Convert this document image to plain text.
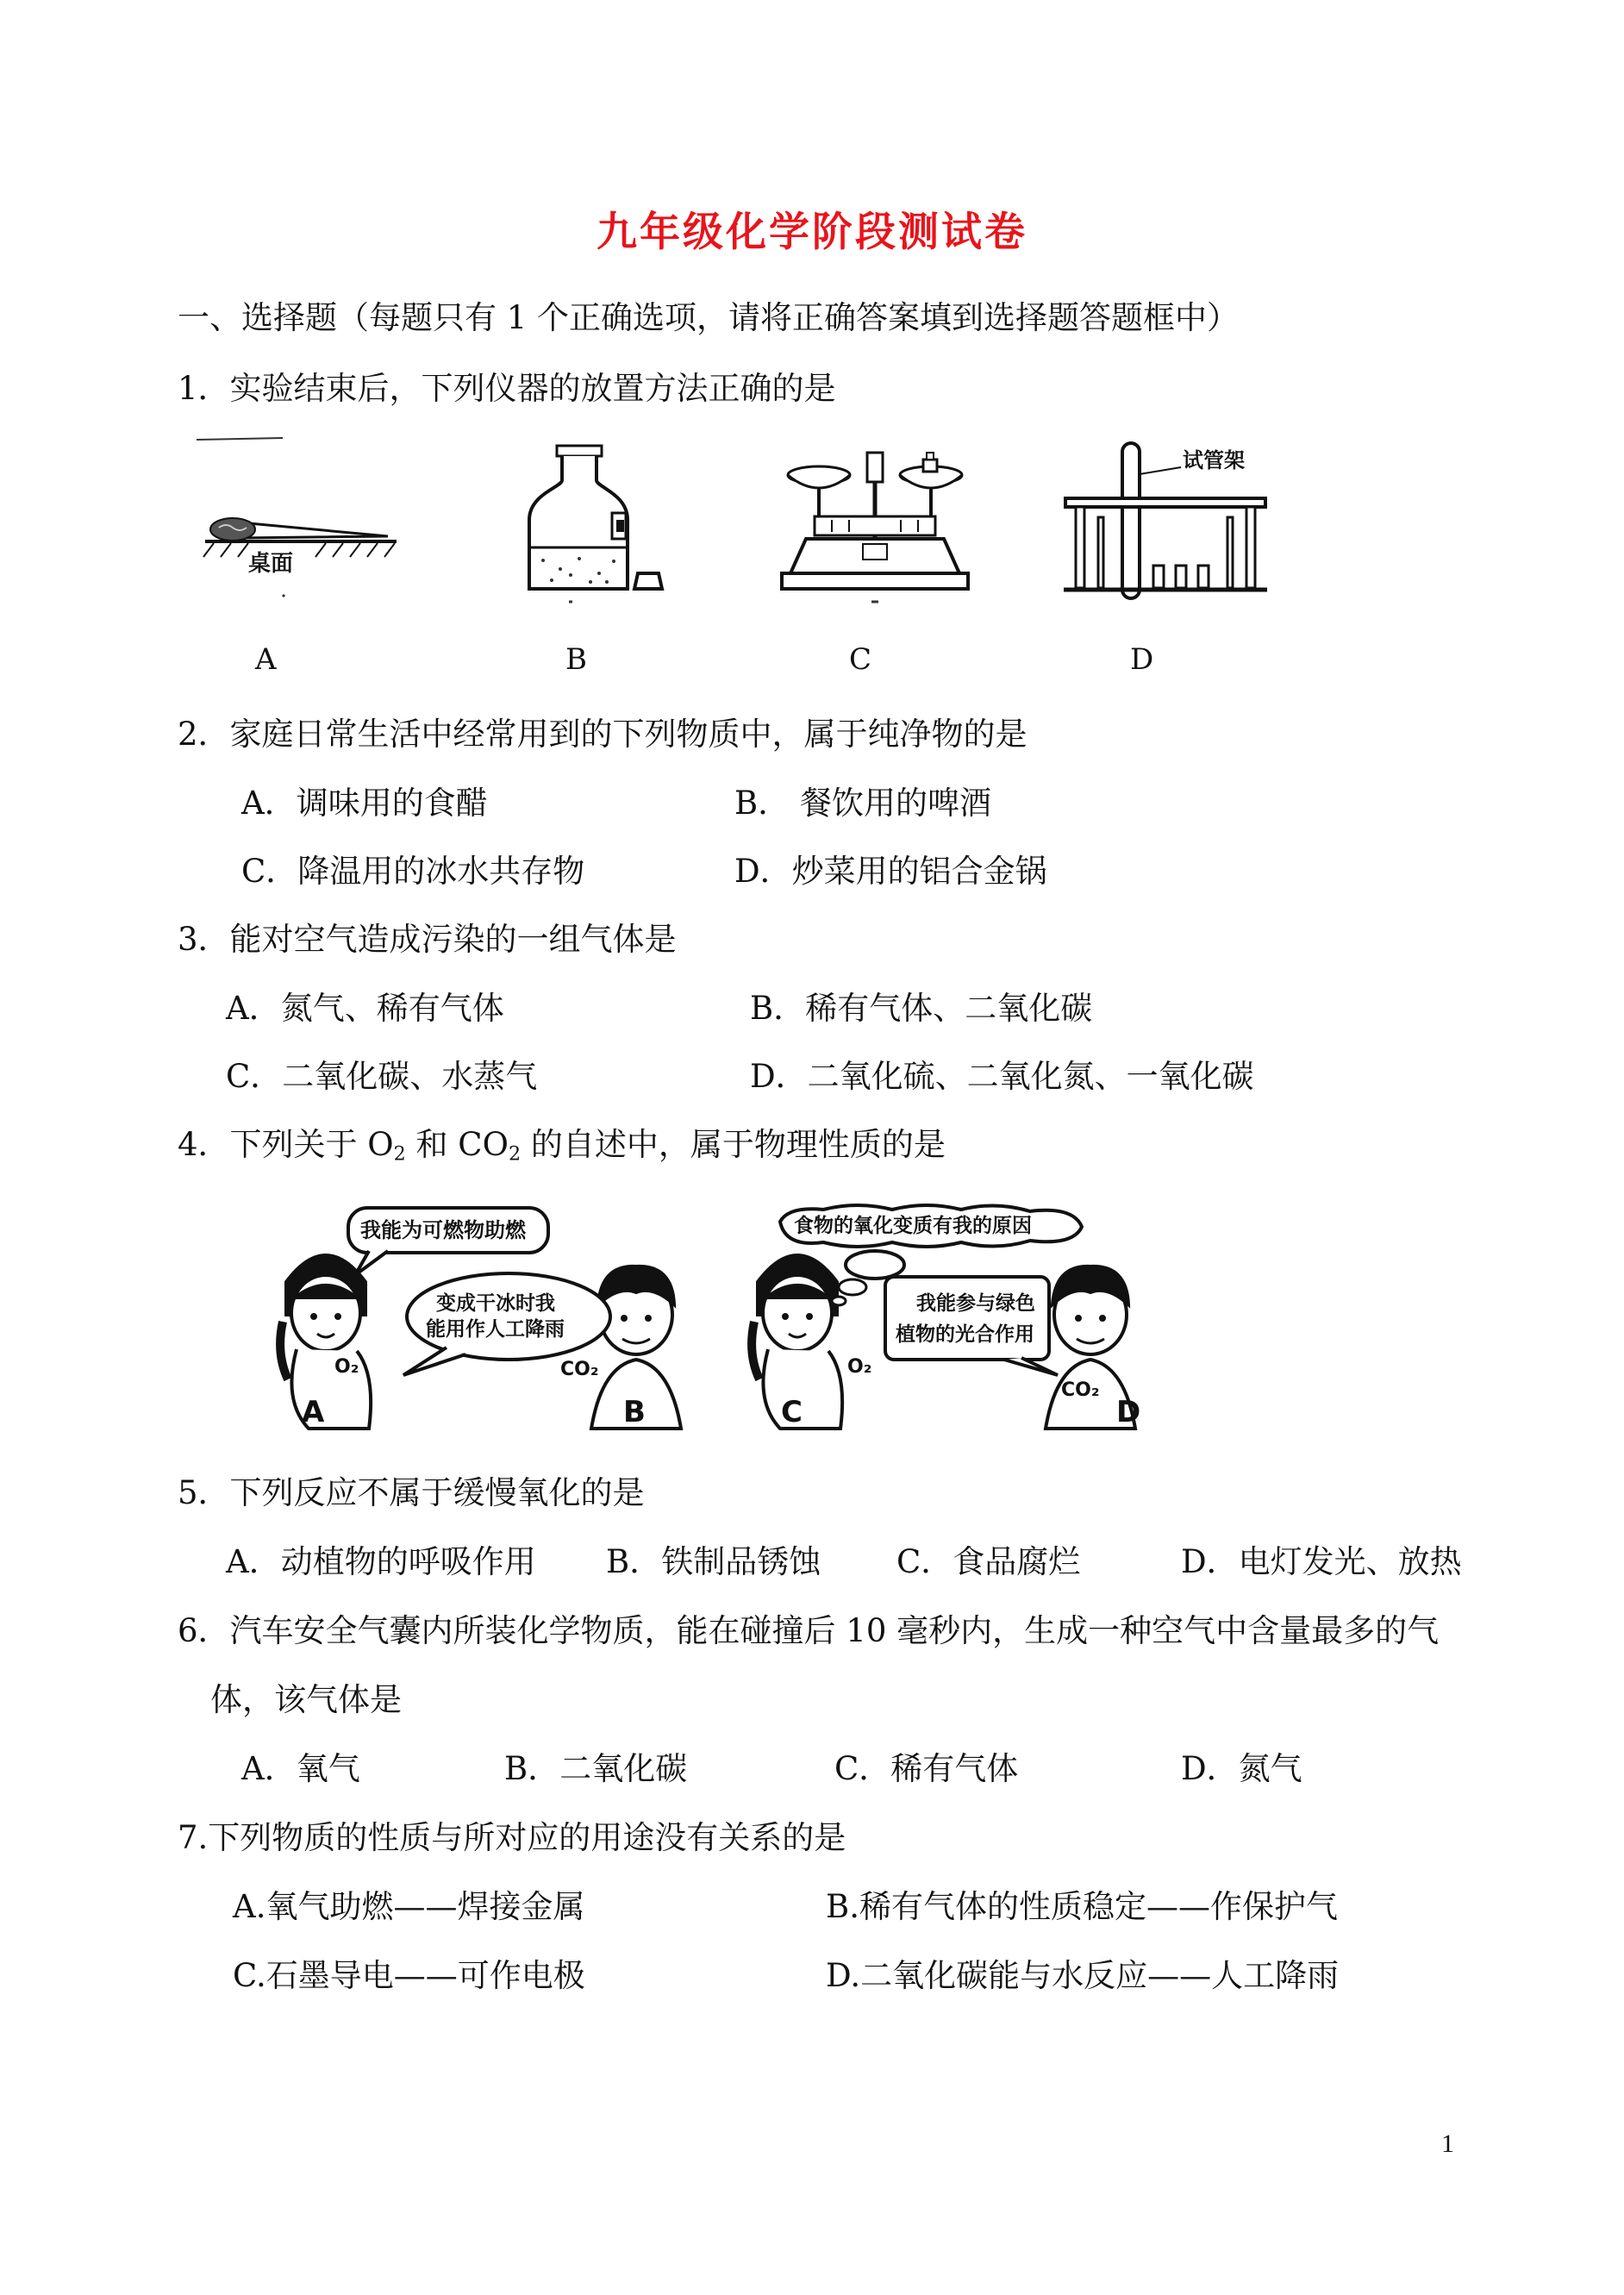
九年级化学阶段测试卷
一、选择题（每题只有 1 个正确选项，请将正确答案填到选择题答题框中）
1．实验结束后，下列仪器的放置方法正确的是
桌面
试管架
A	B	C	D
2．家庭日常生活中经常用到的下列物质中，属于纯净物的是
A．调味用的食醋	B． 餐饮用的啤酒
C．降温用的冰水共存物	D．炒菜用的铝合金锅
3．能对空气造成污染的一组气体是
A．氮气、稀有气体	B．稀有气体、二氧化碳
C．二氧化碳、水蒸气	D．二氧化硫、二氧化氮、一氧化碳
4．下列关于 $O_2$ 和 $CO_2$ 的自述中，属于物理性质的是
O₂	CO₂
我能为可燃物助燃
变成干冰时我
能用作人工降雨
O₂
CO₂
食物的氧化变质有我的原因
我能参与绿色
植物的光合作用
A	B	C	D
5．下列反应不属于缓慢氧化的是
A．动植物的呼吸作用 B．铁制品锈蚀 C．食品腐烂	D．电灯发光、放热
6．汽车安全气囊内所装化学物质，能在碰撞后 10 毫秒内，生成一种空气中含量最多的气
体，该气体是
A．氧气	B．二氧化碳	C．稀有气体	D．氮气
7.下列物质的性质与所对应的用途没有关系的是
A.氧气助燃——焊接金属	B.稀有气体的性质稳定——作保护气
C.石墨导电——可作电极	D.二氧化碳能与水反应——人工降雨
1
